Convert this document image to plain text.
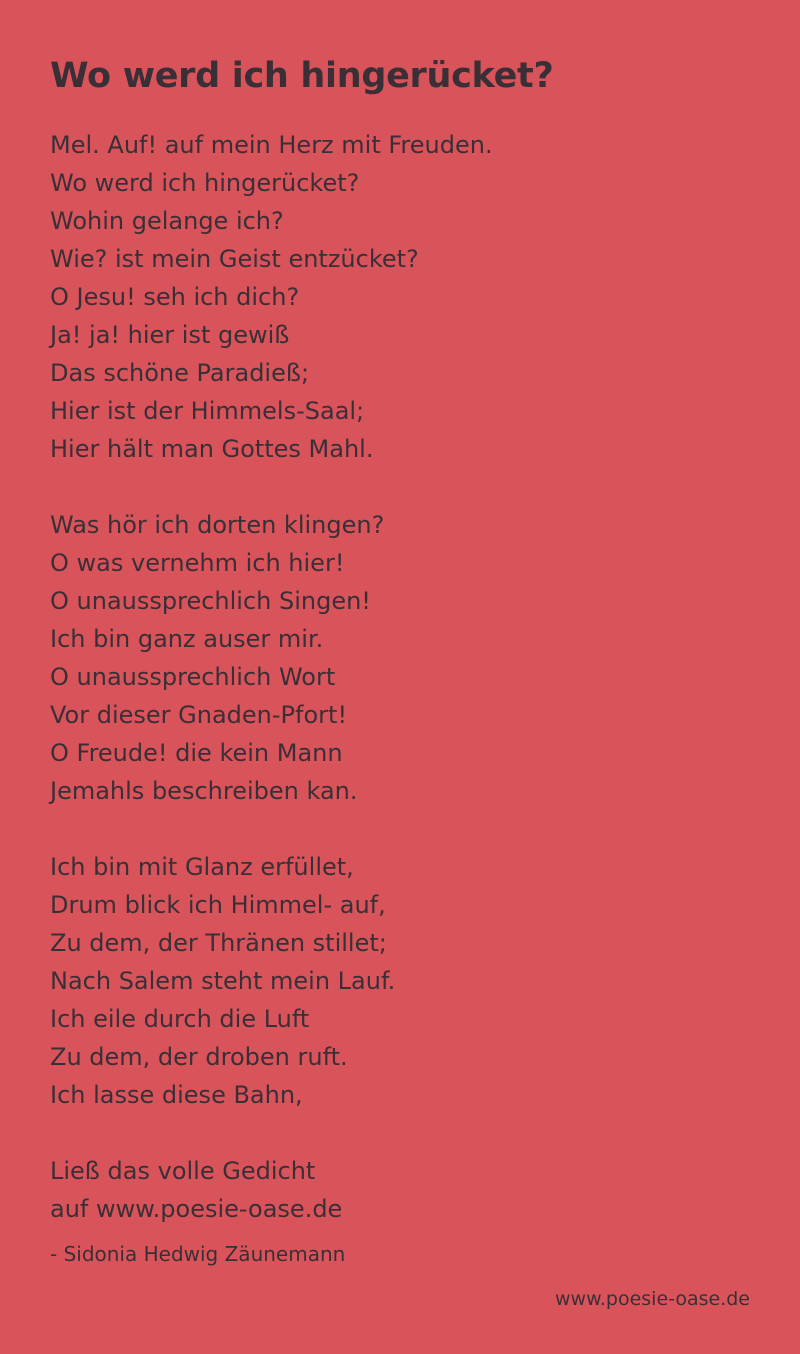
Wo werd ich hingerücket?
Mel. Auf! auf mein Herz mit Freuden.
Wo werd ich hingerücket?
Wohin gelange ich?
Wie? ist mein Geist entzücket?
O Jesu! seh ich dich?
Ja! ja! hier ist gewiß
Das schöne Paradieß;
Hier ist der Himmels-Saal;
Hier hält man Gottes Mahl.
Was hör ich dorten klingen?
O was vernehm ich hier!
O unaussprechlich Singen!
Ich bin ganz auser mir.
O unaussprechlich Wort
Vor dieser Gnaden-Pfort!
O Freude! die kein Mann
Jemahls beschreiben kan.
Ich bin mit Glanz erfüllet,
Drum blick ich Himmel- auf,
Zu dem, der Thränen stillet;
Nach Salem steht mein Lauf.
Ich eile durch die Luft
Zu dem, der droben ruft.
Ich lasse diese Bahn,
Ließ das volle Gedicht
auf www.poesie-oase.de
- Sidonia Hedwig Zäunemann
www.poesie-oase.de
